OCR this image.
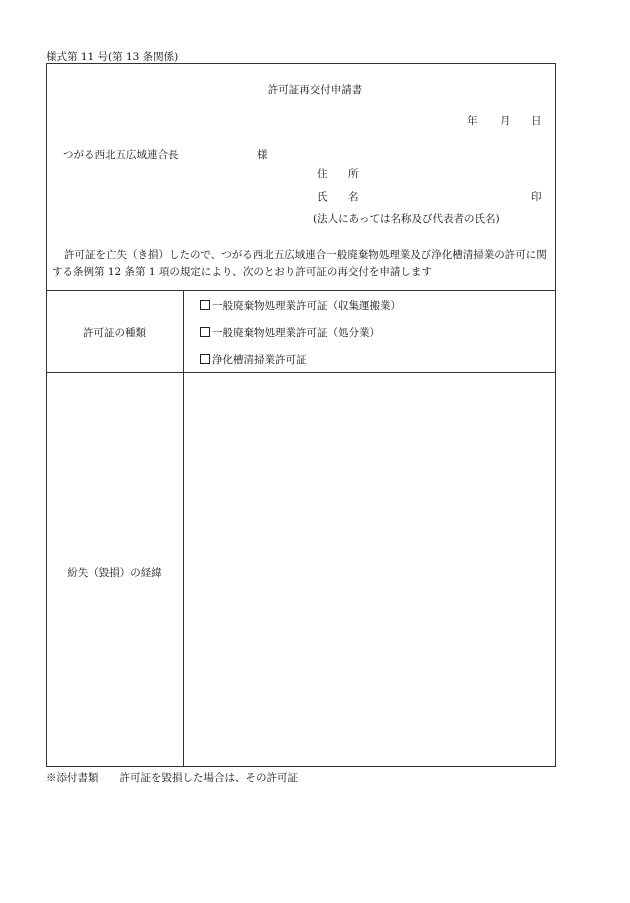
様式第 11 号(第 13 条関係)
許可証再交付申請書
年 月 日
つがる西北五広域連合長	様
住 所
氏 名	印
(法人にあっては名称及び代表者の氏名)
許可証を亡失（き損）したので、つがる西北五広域連合一般廃棄物処理業及び浄化槽清掃業の許可に関する条例第 12 条第 1 項の規定により、次のとおり許可証の再交付を申請します
許可証の種類
一般廃棄物処理業許可証（収集運搬業）
一般廃棄物処理業許可証（処分業）
浄化槽清掃業許可証
紛失（毀損）の経緯
※添付書類　　許可証を毀損した場合は、その許可証
